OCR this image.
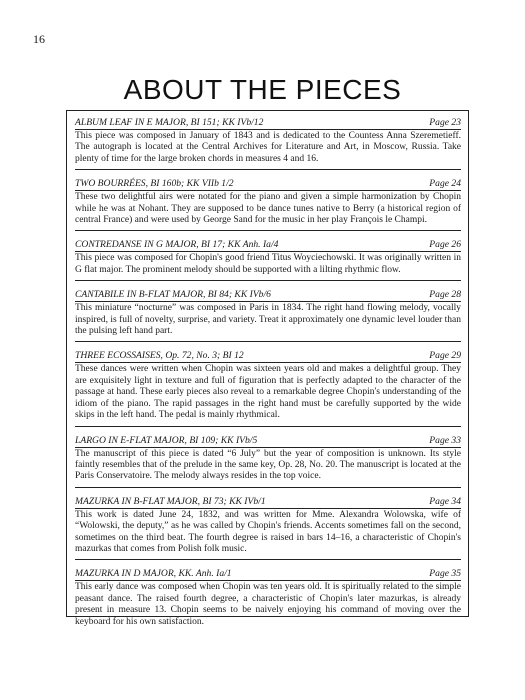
16
ABOUT THE PIECES
ALBUM LEAF IN E MAJOR, BI 151; KK IVb/12	Page 23
This piece was composed in January of 1843 and is dedicated to the Countess Anna Szeremetieff. The autograph is located at the Central Archives for Literature and Art, in Moscow, Russia. Take plenty of time for the large broken chords in measures 4 and 16.
TWO BOURRÉES, BI 160b; KK VIIb 1/2	Page 24
These two delightful airs were notated for the piano and given a simple harmonization by Chopin while he was at Nohant. They are supposed to be dance tunes native to Berry (a historical region of central France) and were used by George Sand for the music in her play François le Champi.
CONTREDANSE IN G MAJOR, BI 17; KK Anh. Ia/4	Page 26
This piece was composed for Chopin's good friend Titus Woyciechowski. It was originally written in G flat major. The prominent melody should be supported with a lilting rhythmic flow.
CANTABILE IN B-FLAT MAJOR, BI 84; KK IVb/6	Page 28
This miniature “nocturne” was composed in Paris in 1834. The right hand flowing melody, vocally inspired, is full of novelty, surprise, and variety. Treat it approximately one dynamic level louder than the pulsing left hand part.
THREE ECOSSAISES, Op. 72, No. 3; BI 12	Page 29
These dances were written when Chopin was sixteen years old and makes a delightful group. They are exquisitely light in texture and full of figuration that is perfectly adapted to the character of the passage at hand. These early pieces also reveal to a remarkable degree Chopin's understanding of the idiom of the piano. The rapid passages in the right hand must be carefully supported by the wide skips in the left hand. The pedal is mainly rhythmical.
LARGO IN E-FLAT MAJOR, BI 109; KK IVb/5	Page 33
The manuscript of this piece is dated “6 July” but the year of composition is unknown. Its style faintly resembles that of the prelude in the same key, Op. 28, No. 20. The manuscript is located at the Paris Conservatoire. The melody always resides in the top voice.
MAZURKA IN B-FLAT MAJOR, BI 73; KK IVb/1	Page 34
This work is dated June 24, 1832, and was written for Mme. Alexandra Wolowska, wife of “Wolowski, the deputy,” as he was called by Chopin's friends. Accents sometimes fall on the second, sometimes on the third beat. The fourth degree is raised in bars 14–16, a characteristic of Chopin's mazurkas that comes from Polish folk music.
MAZURKA IN D MAJOR, KK. Anh. Ia/1	Page 35
This early dance was composed when Chopin was ten years old. It is spiritually related to the simple peasant dance. The raised fourth degree, a characteristic of Chopin's later mazurkas, is already present in measure 13. Chopin seems to be naively enjoying his command of moving over the keyboard for his own satisfaction.
